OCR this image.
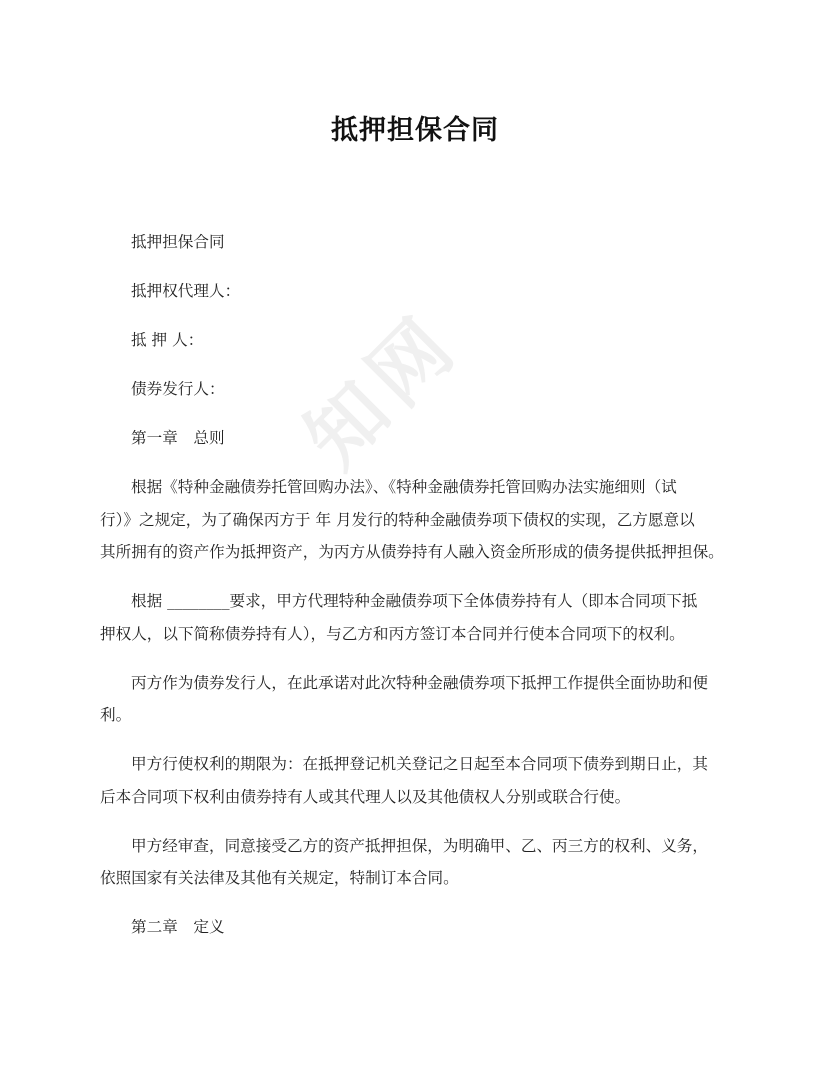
知网
抵押担保合同

抵押担保合同

抵押权代理人：

抵 押 人：

债券发行人：

第一章　总则

根据《特种金融债券托管回购办法》、《特种金融债券托管回购办法实施细则（试
行）》之规定，为了确保丙方于 年 月发行的特种金融债券项下债权的实现，乙方愿意以
其所拥有的资产作为抵押资产，为丙方从债券持有人融入资金所形成的债务提供抵押担保。

根据 ________要求，甲方代理特种金融债券项下全体债券持有人（即本合同项下抵
押权人，以下简称债券持有人），与乙方和丙方签订本合同并行使本合同项下的权利。

丙方作为债券发行人，在此承诺对此次特种金融债券项下抵押工作提供全面协助和便
利。

甲方行使权利的期限为：在抵押登记机关登记之日起至本合同项下债券到期日止，其
后本合同项下权利由债券持有人或其代理人以及其他债权人分别或联合行使。

甲方经审查，同意接受乙方的资产抵押担保，为明确甲、乙、丙三方的权利、义务，
依照国家有关法律及其他有关规定，特制订本合同。

第二章　定义
